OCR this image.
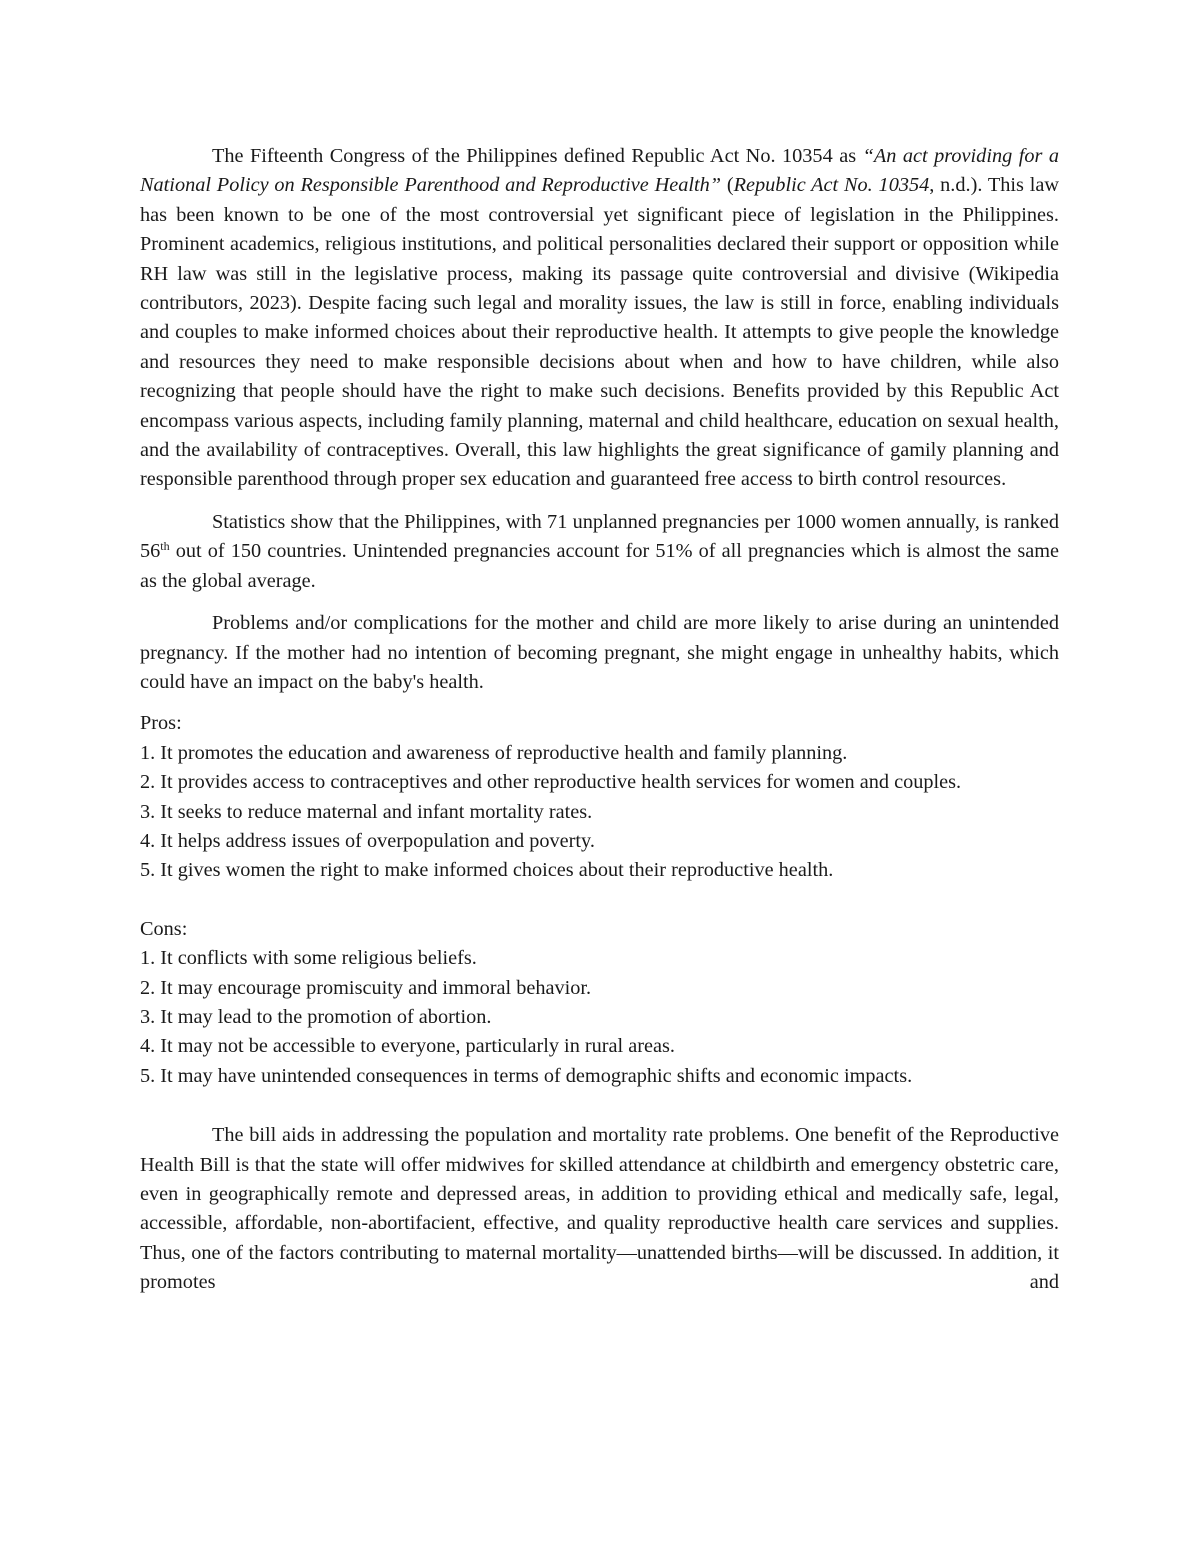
The Fifteenth Congress of the Philippines defined Republic Act No. 10354 as “An act providing for a National Policy on Responsible Parenthood and Reproductive Health” (Republic Act No. 10354, n.d.). This law has been known to be one of the most controversial yet significant piece of legislation in the Philippines. Prominent academics, religious institutions, and political personalities declared their support or opposition while RH law was still in the legislative process, making its passage quite controversial and divisive (Wikipedia contributors, 2023). Despite facing such legal and morality issues, the law is still in force, enabling individuals and couples to make informed choices about their reproductive health. It attempts to give people the knowledge and resources they need to make responsible decisions about when and how to have children, while also recognizing that people should have the right to make such decisions. Benefits provided by this Republic Act encompass various aspects, including family planning, maternal and child healthcare, education on sexual health, and the availability of contraceptives. Overall, this law highlights the great significance of gamily planning and responsible parenthood through proper sex education and guaranteed free access to birth control resources.

Statistics show that the Philippines, with 71 unplanned pregnancies per 1000 women annually, is ranked 56th out of 150 countries. Unintended pregnancies account for 51% of all pregnancies which is almost the same as the global average.

Problems and/or complications for the mother and child are more likely to arise during an unintended pregnancy. If the mother had no intention of becoming pregnant, she might engage in unhealthy habits, which could have an impact on the baby's health.

Pros:

1. It promotes the education and awareness of reproductive health and family planning.

2. It provides access to contraceptives and other reproductive health services for women and couples.

3. It seeks to reduce maternal and infant mortality rates.

4. It helps address issues of overpopulation and poverty.

5. It gives women the right to make informed choices about their reproductive health.

Cons:

1. It conflicts with some religious beliefs.

2. It may encourage promiscuity and immoral behavior.

3. It may lead to the promotion of abortion.

4. It may not be accessible to everyone, particularly in rural areas.

5. It may have unintended consequences in terms of demographic shifts and economic impacts.

The bill aids in addressing the population and mortality rate problems. One benefit of the Reproductive Health Bill is that the state will offer midwives for skilled attendance at childbirth and emergency obstetric care, even in geographically remote and depressed areas, in addition to providing ethical and medically safe, legal, accessible, affordable, non-abortifacient, effective, and quality reproductive health care services and supplies. Thus, one of the factors contributing to maternal mortality—unattended births—will be discussed. In addition, it promotes and
